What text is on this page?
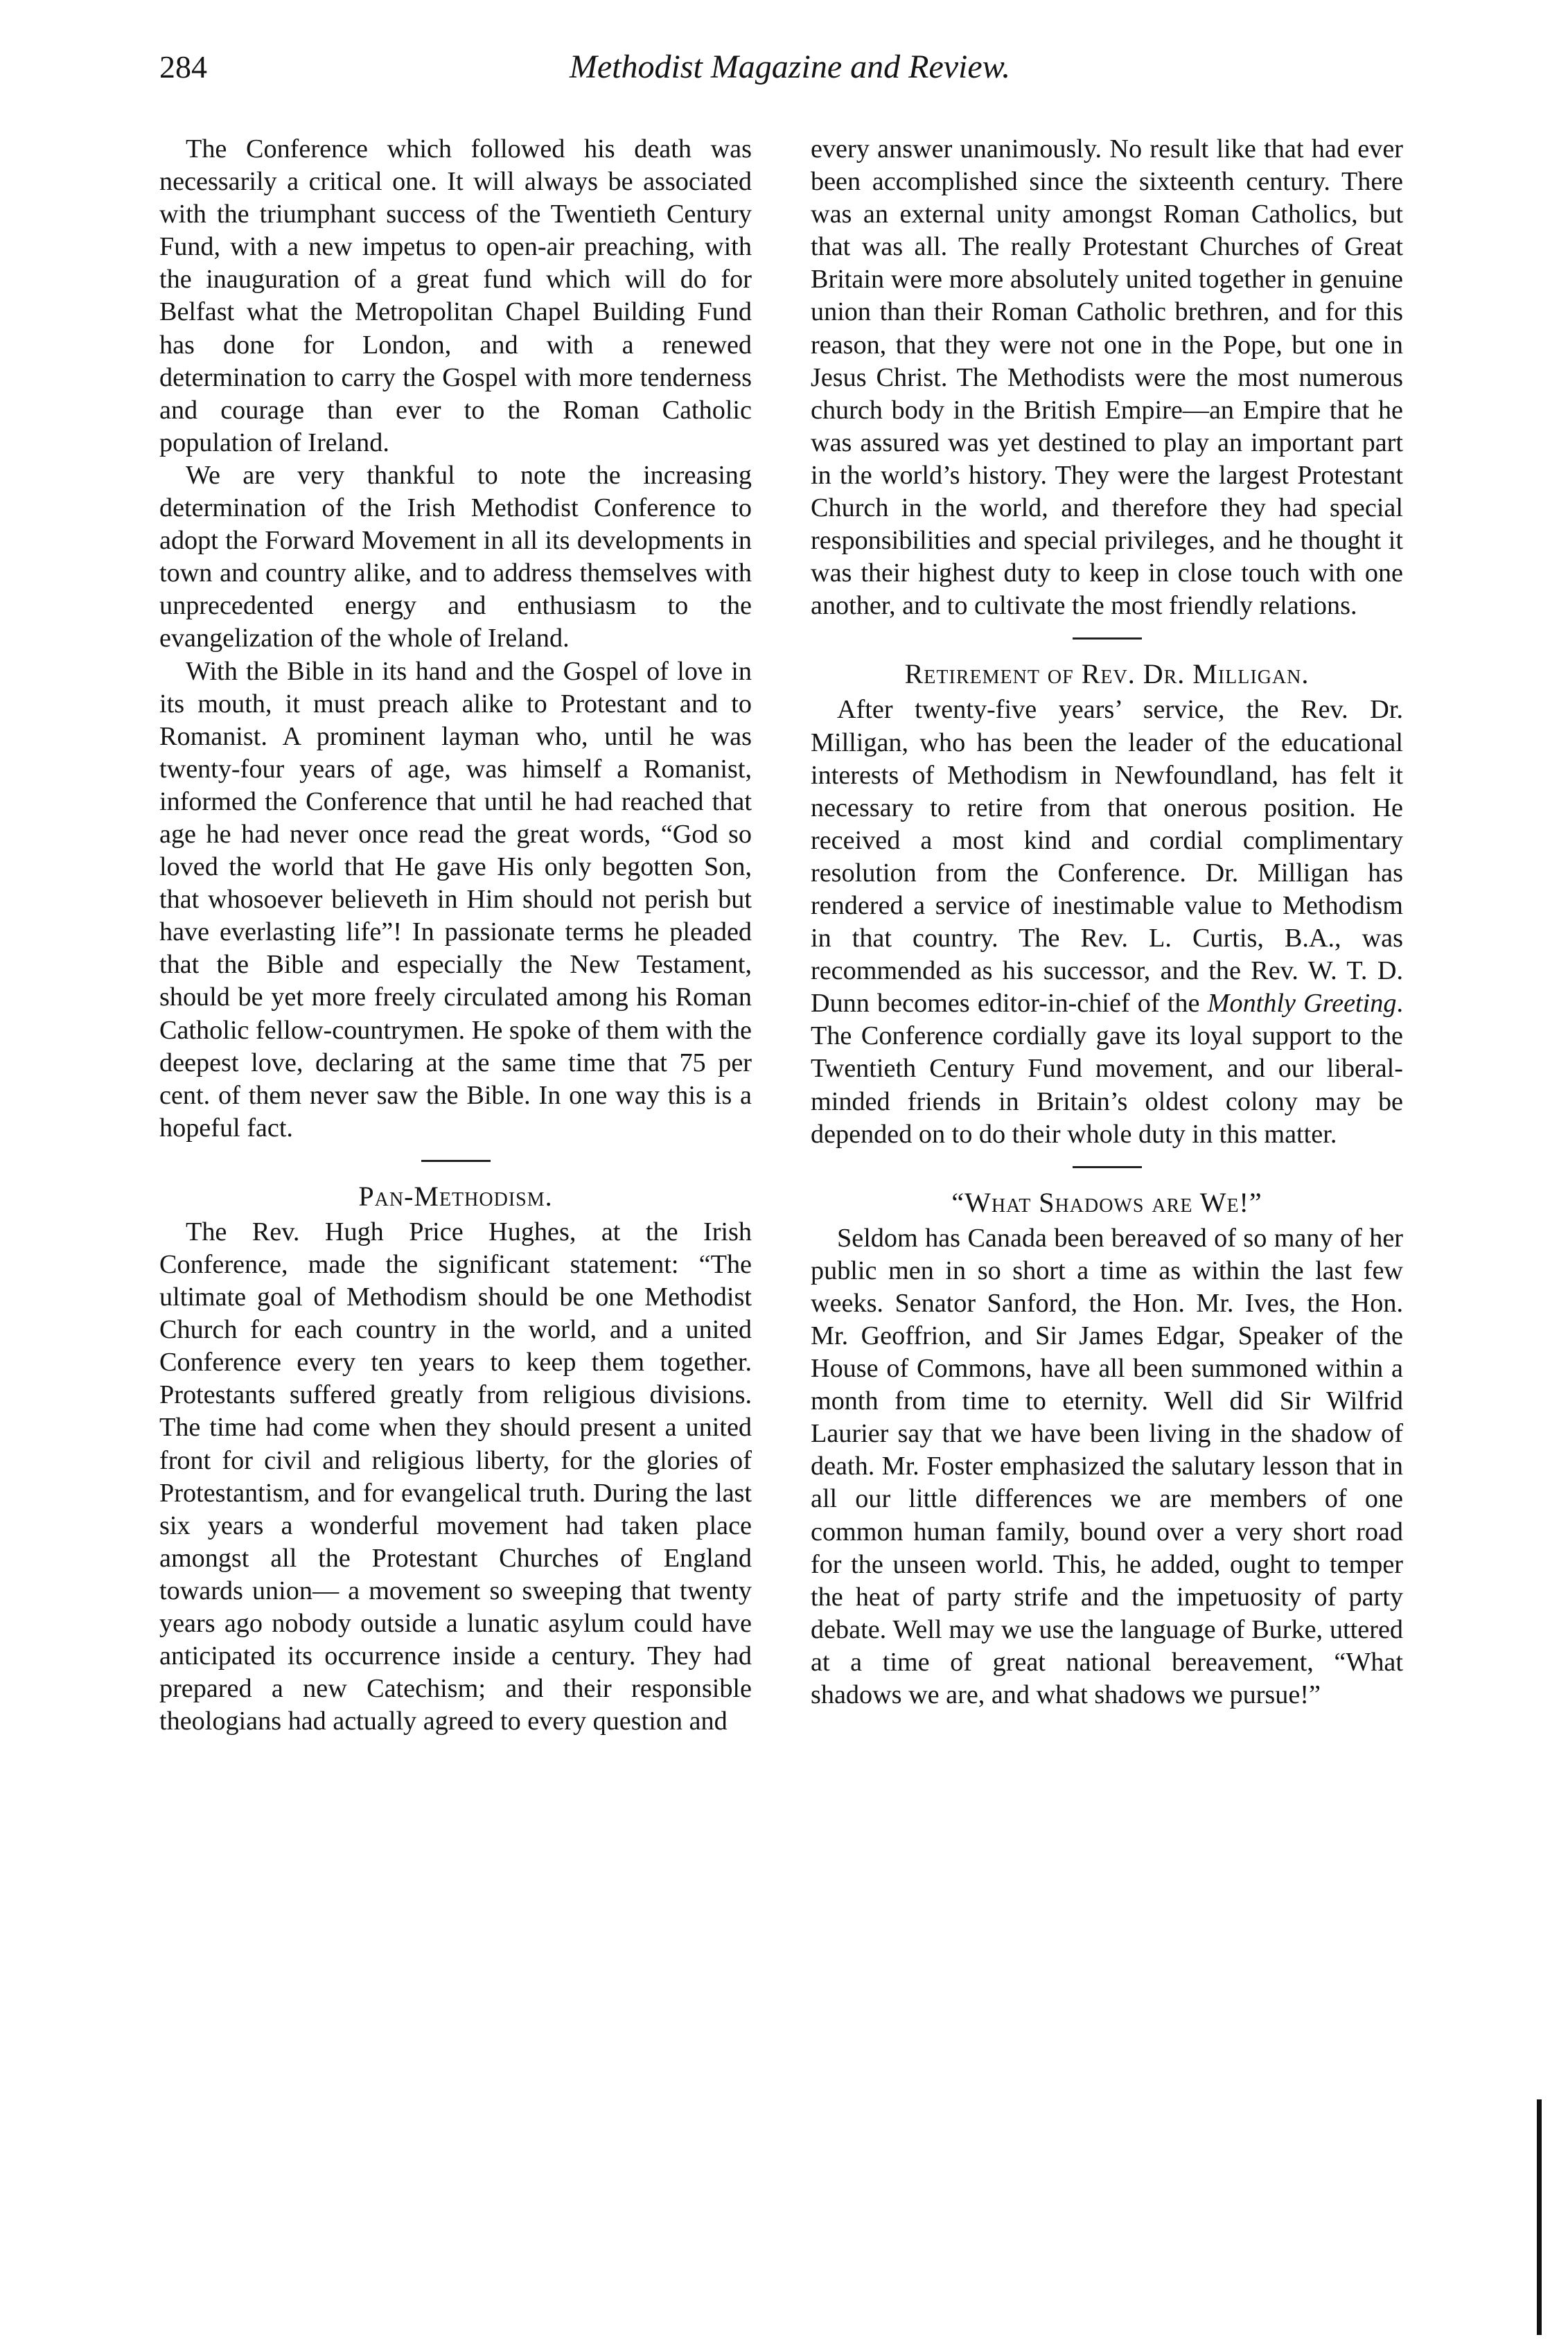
284	Methodist Magazine and Review.

The Conference which followed his death was necessarily a critical one. It will always be associated with the triumphant success of the Twentieth Century Fund, with a new impetus to open-air preaching, with the inauguration of a great fund which will do for Belfast what the Metropolitan Chapel Building Fund has done for London, and with a renewed determination to carry the Gospel with more tenderness and courage than ever to the Roman Catholic population of Ireland.

We are very thankful to note the increasing determination of the Irish Methodist Conference to adopt the Forward Movement in all its developments in town and country alike, and to address themselves with unprecedented energy and enthusiasm to the evangelization of the whole of Ireland.

With the Bible in its hand and the Gospel of love in its mouth, it must preach alike to Protestant and to Romanist. A prominent layman who, until he was twenty-four years of age, was himself a Romanist, informed the Conference that until he had reached that age he had never once read the great words, “God so loved the world that He gave His only begotten Son, that whosoever believeth in Him should not perish but have everlasting life”! In passionate terms he pleaded that the Bible and especially the New Testament, should be yet more freely circulated among his Roman Catholic fellow-countrymen. He spoke of them with the deepest love, declaring at the same time that 75 per cent. of them never saw the Bible. In one way this is a hopeful fact.

Pan-Methodism.

The Rev. Hugh Price Hughes, at the Irish Conference, made the significant statement: “The ultimate goal of Methodism should be one Methodist Church for each country in the world, and a united Conference every ten years to keep them together. Protestants suffered greatly from religious divisions. The time had come when they should present a united front for civil and religious liberty, for the glories of Protestantism, and for evangelical truth. During the last six years a wonderful movement had taken place amongst all the Protestant Churches of England towards union— a movement so sweeping that twenty years ago nobody outside a lunatic asylum could have anticipated its occurrence inside a century. They had prepared a new Catechism; and their responsible theologians had actually agreed to every question and

every answer unanimously. No result like that had ever been accomplished since the sixteenth century. There was an external unity amongst Roman Catholics, but that was all. The really Protestant Churches of Great Britain were more absolutely united together in genuine union than their Roman Catholic brethren, and for this reason, that they were not one in the Pope, but one in Jesus Christ. The Methodists were the most numerous church body in the British Empire—an Empire that he was assured was yet destined to play an important part in the world’s history. They were the largest Protestant Church in the world, and therefore they had special responsibilities and special privileges, and he thought it was their highest duty to keep in close touch with one another, and to cultivate the most friendly relations.

Retirement of Rev. Dr. Milligan.

After twenty-five years’ service, the Rev. Dr. Milligan, who has been the leader of the educational interests of Methodism in Newfoundland, has felt it necessary to retire from that onerous position. He received a most kind and cordial complimentary resolution from the Conference. Dr. Milligan has rendered a service of inestimable value to Methodism in that country. The Rev. L. Curtis, B.A., was recommended as his successor, and the Rev. W. T. D. Dunn becomes editor-in-chief of the Monthly Greeting. The Conference cordially gave its loyal support to the Twentieth Century Fund movement, and our liberal-minded friends in Britain’s oldest colony may be depended on to do their whole duty in this matter.

“What Shadows are We!”

Seldom has Canada been bereaved of so many of her public men in so short a time as within the last few weeks. Senator Sanford, the Hon. Mr. Ives, the Hon. Mr. Geoffrion, and Sir James Edgar, Speaker of the House of Commons, have all been summoned within a month from time to eternity. Well did Sir Wilfrid Laurier say that we have been living in the shadow of death. Mr. Foster emphasized the salutary lesson that in all our little differences we are members of one common human family, bound over a very short road for the unseen world. This, he added, ought to temper the heat of party strife and the impetuosity of party debate. Well may we use the language of Burke, uttered at a time of great national bereavement, “What shadows we are, and what shadows we pursue!”
